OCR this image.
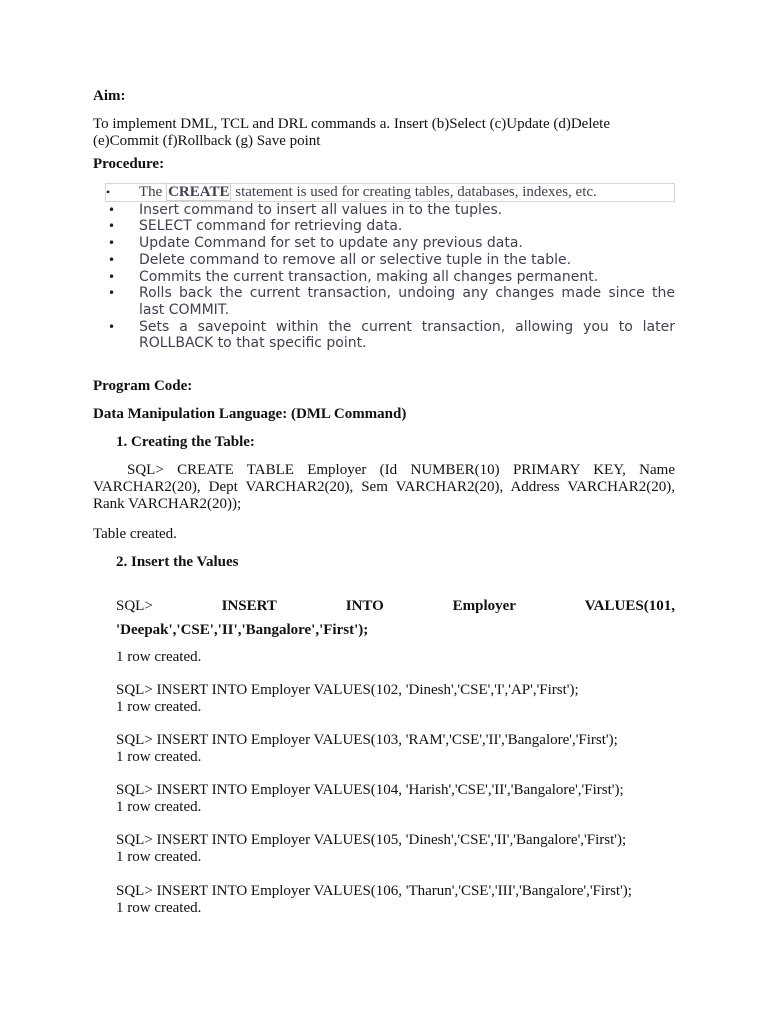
Aim:
To implement DML, TCL and DRL commands a. Insert (b)Select (c)Update (d)Delete (e)Commit (f)Rollback (g) Save point
Procedure:
•	The CREATE statement is used for creating tables, databases, indexes, etc.
• Insert command to insert all values in to the tuples.
• SELECT command for retrieving data.
• Update Command for set to update any previous data.
• Delete command to remove all or selective tuple in the table.
• Commits the current transaction, making all changes permanent.
• Rolls back the current transaction, undoing any changes made since the last COMMIT.
• Sets a savepoint within the current transaction, allowing you to later ROLLBACK to that specific point.
Program Code:
Data Manipulation Language: (DML Command)
1. Creating the Table:
SQL> CREATE TABLE Employer (Id NUMBER(10) PRIMARY KEY, Name VARCHAR2(20), Dept VARCHAR2(20), Sem VARCHAR2(20), Address VARCHAR2(20), Rank VARCHAR2(20));
Table created.
2. Insert the Values
SQL>	INSERT	INTO	Employer	VALUES(101,
'Deepak','CSE','II','Bangalore','First');
1 row created.
SQL> INSERT INTO Employer VALUES(102, 'Dinesh','CSE','I','AP','First');
1 row created.
SQL> INSERT INTO Employer VALUES(103, 'RAM','CSE','II','Bangalore','First');
1 row created.
SQL> INSERT INTO Employer VALUES(104, 'Harish','CSE','II','Bangalore','First');
1 row created.
SQL> INSERT INTO Employer VALUES(105, 'Dinesh','CSE','II','Bangalore','First');
1 row created.
SQL> INSERT INTO Employer VALUES(106, 'Tharun','CSE','III','Bangalore','First');
1 row created.
